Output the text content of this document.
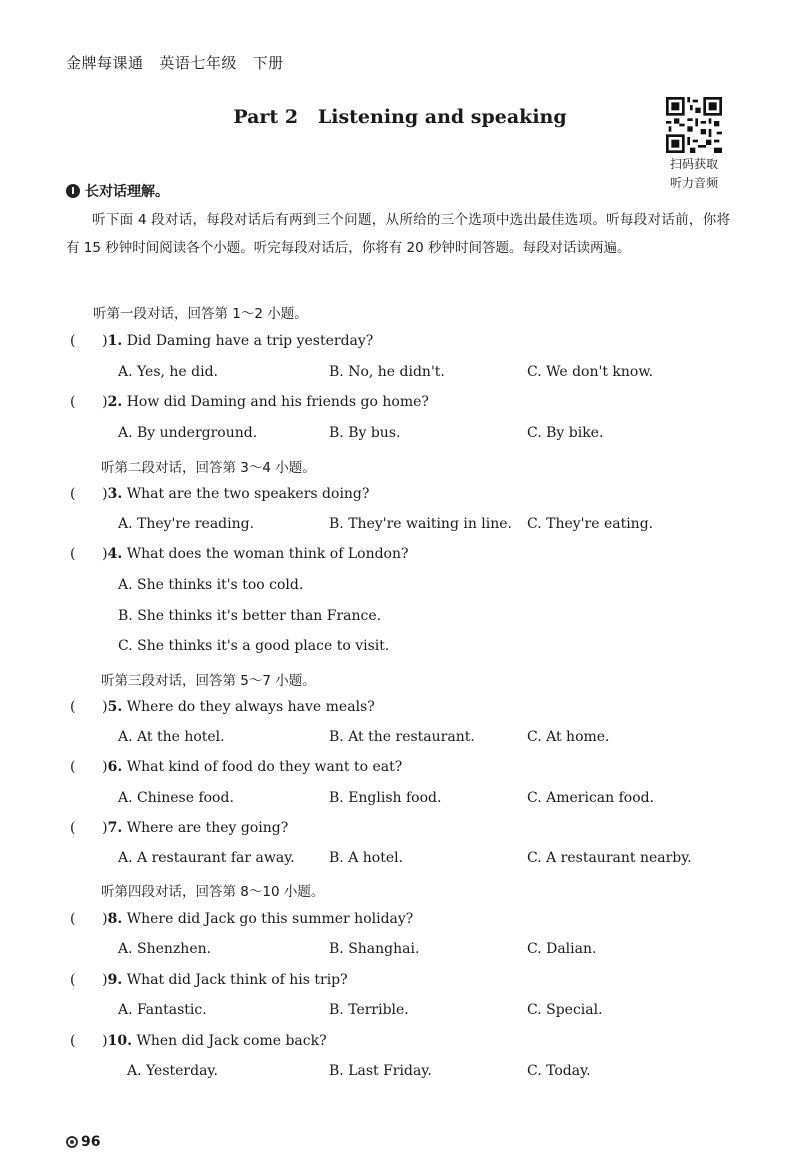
金牌每课通 英语七年级 下册
Part 2   Listening and speaking
扫码获取
听力音频
I 长对话理解。
听下面 4 段对话，每段对话后有两到三个问题，从所给的三个选项中选出最佳选项。听每段对话前，你将有 15 秒钟时间阅读各个小题。听完每段对话后，你将有 20 秒钟时间答题。每段对话读两遍。
听第一段对话，回答第 1～2 小题。
(      )1. Did Daming have a trip yesterday?
A. Yes, he did.	B. No, he didn't.	C. We don't know.
(      )2. How did Daming and his friends go home?
A. By underground.	B. By bus.	C. By bike.
听第二段对话，回答第 3～4 小题。
(      )3. What are the two speakers doing?
A. They're reading.	B. They're waiting in line. C. They're eating.
(      )4. What does the woman think of London?
A. She thinks it's too cold.
B. She thinks it's better than France.
C. She thinks it's a good place to visit.
听第三段对话，回答第 5～7 小题。
(      )5. Where do they always have meals?
A. At the hotel.	B. At the restaurant.	C. At home.
(      )6. What kind of food do they want to eat?
A. Chinese food.	B. English food.	C. American food.
(      )7. Where are they going?
A. A restaurant far away. B. A hotel.	C. A restaurant nearby.
听第四段对话，回答第 8～10 小题。
(      )8. Where did Jack go this summer holiday?
A. Shenzhen.	B. Shanghai.	C. Dalian.
(      )9. What did Jack think of his trip?
A. Fantastic.	B. Terrible.	C. Special.
(      )10. When did Jack come back?
A. Yesterday.	B. Last Friday.	C. Today.
96
